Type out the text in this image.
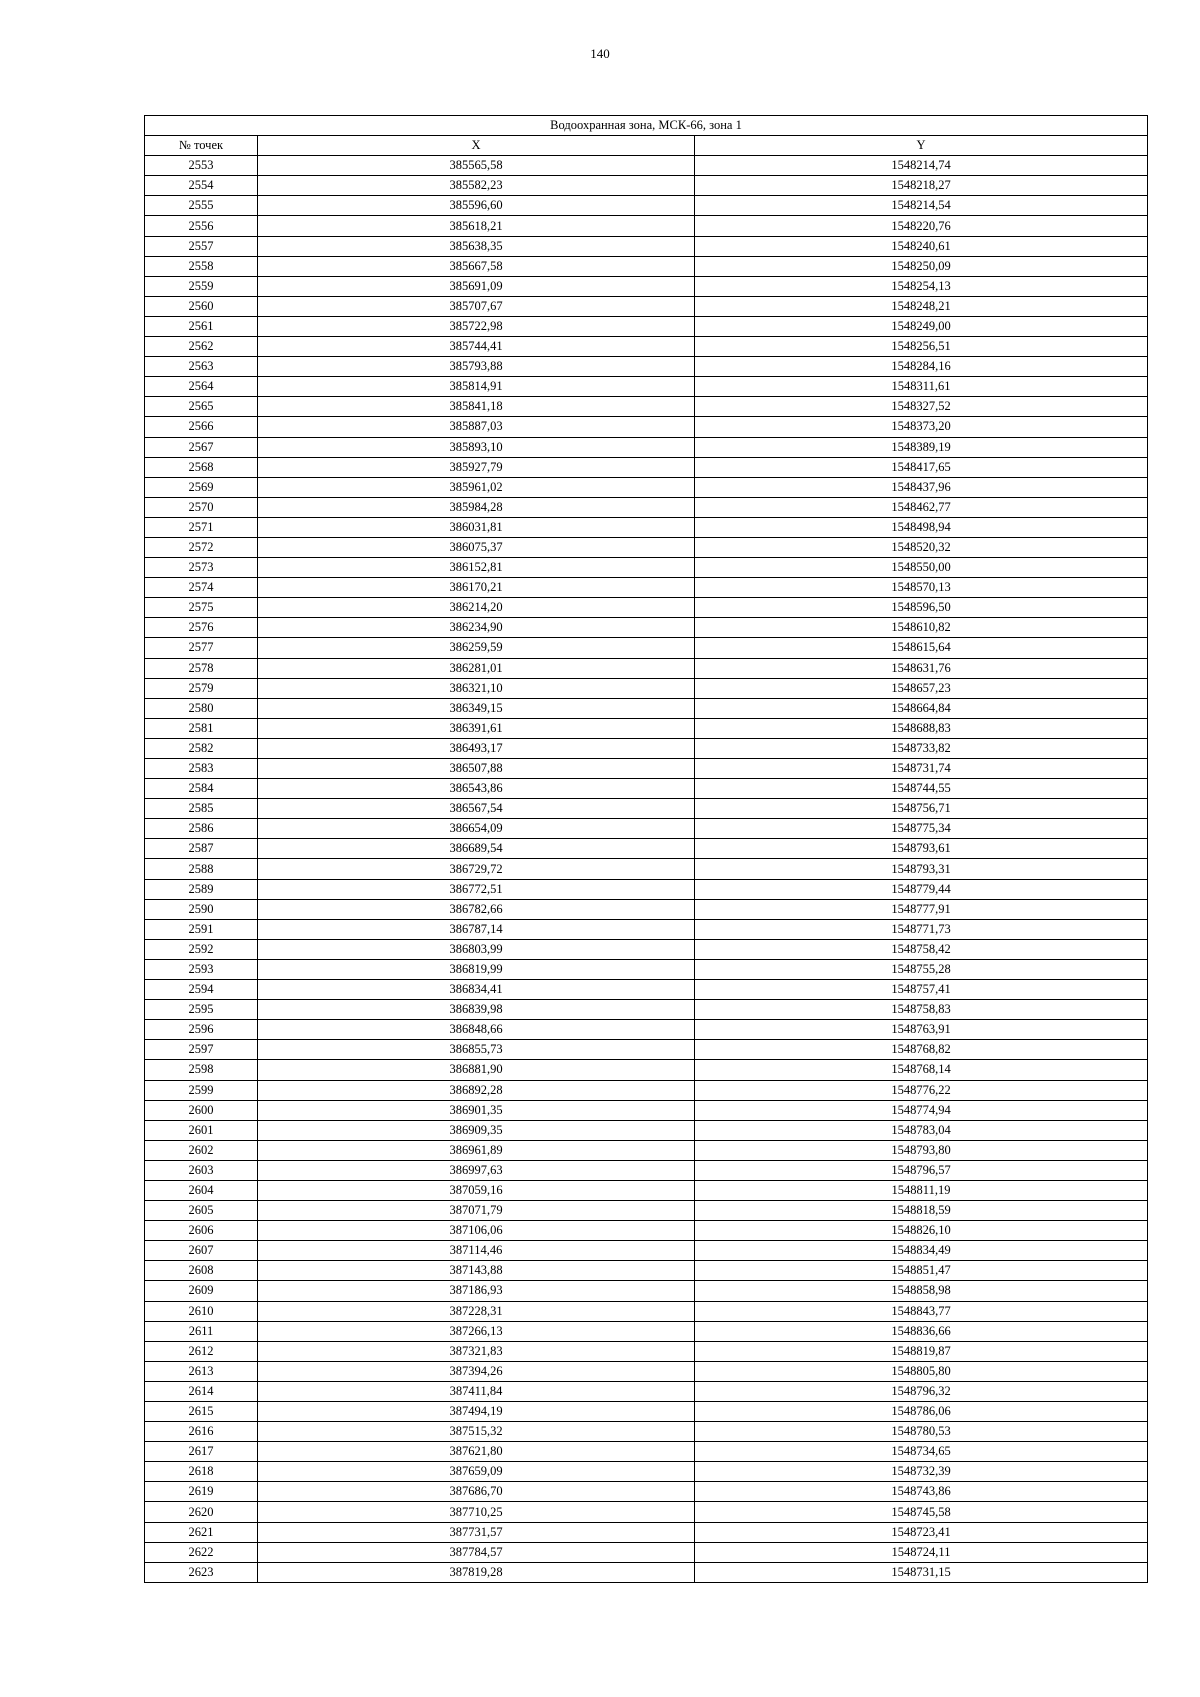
140
Водоохранная зона, МСК-66, зона 1		
№ точек	X	Y
2553	385565,58	1548214,74
2554	385582,23	1548218,27
2555	385596,60	1548214,54
2556	385618,21	1548220,76
2557	385638,35	1548240,61
2558	385667,58	1548250,09
2559	385691,09	1548254,13
2560	385707,67	1548248,21
2561	385722,98	1548249,00
2562	385744,41	1548256,51
2563	385793,88	1548284,16
2564	385814,91	1548311,61
2565	385841,18	1548327,52
2566	385887,03	1548373,20
2567	385893,10	1548389,19
2568	385927,79	1548417,65
2569	385961,02	1548437,96
2570	385984,28	1548462,77
2571	386031,81	1548498,94
2572	386075,37	1548520,32
2573	386152,81	1548550,00
2574	386170,21	1548570,13
2575	386214,20	1548596,50
2576	386234,90	1548610,82
2577	386259,59	1548615,64
2578	386281,01	1548631,76
2579	386321,10	1548657,23
2580	386349,15	1548664,84
2581	386391,61	1548688,83
2582	386493,17	1548733,82
2583	386507,88	1548731,74
2584	386543,86	1548744,55
2585	386567,54	1548756,71
2586	386654,09	1548775,34
2587	386689,54	1548793,61
2588	386729,72	1548793,31
2589	386772,51	1548779,44
2590	386782,66	1548777,91
2591	386787,14	1548771,73
2592	386803,99	1548758,42
2593	386819,99	1548755,28
2594	386834,41	1548757,41
2595	386839,98	1548758,83
2596	386848,66	1548763,91
2597	386855,73	1548768,82
2598	386881,90	1548768,14
2599	386892,28	1548776,22
2600	386901,35	1548774,94
2601	386909,35	1548783,04
2602	386961,89	1548793,80
2603	386997,63	1548796,57
2604	387059,16	1548811,19
2605	387071,79	1548818,59
2606	387106,06	1548826,10
2607	387114,46	1548834,49
2608	387143,88	1548851,47
2609	387186,93	1548858,98
2610	387228,31	1548843,77
2611	387266,13	1548836,66
2612	387321,83	1548819,87
2613	387394,26	1548805,80
2614	387411,84	1548796,32
2615	387494,19	1548786,06
2616	387515,32	1548780,53
2617	387621,80	1548734,65
2618	387659,09	1548732,39
2619	387686,70	1548743,86
2620	387710,25	1548745,58
2621	387731,57	1548723,41
2622	387784,57	1548724,11
2623	387819,28	1548731,15
